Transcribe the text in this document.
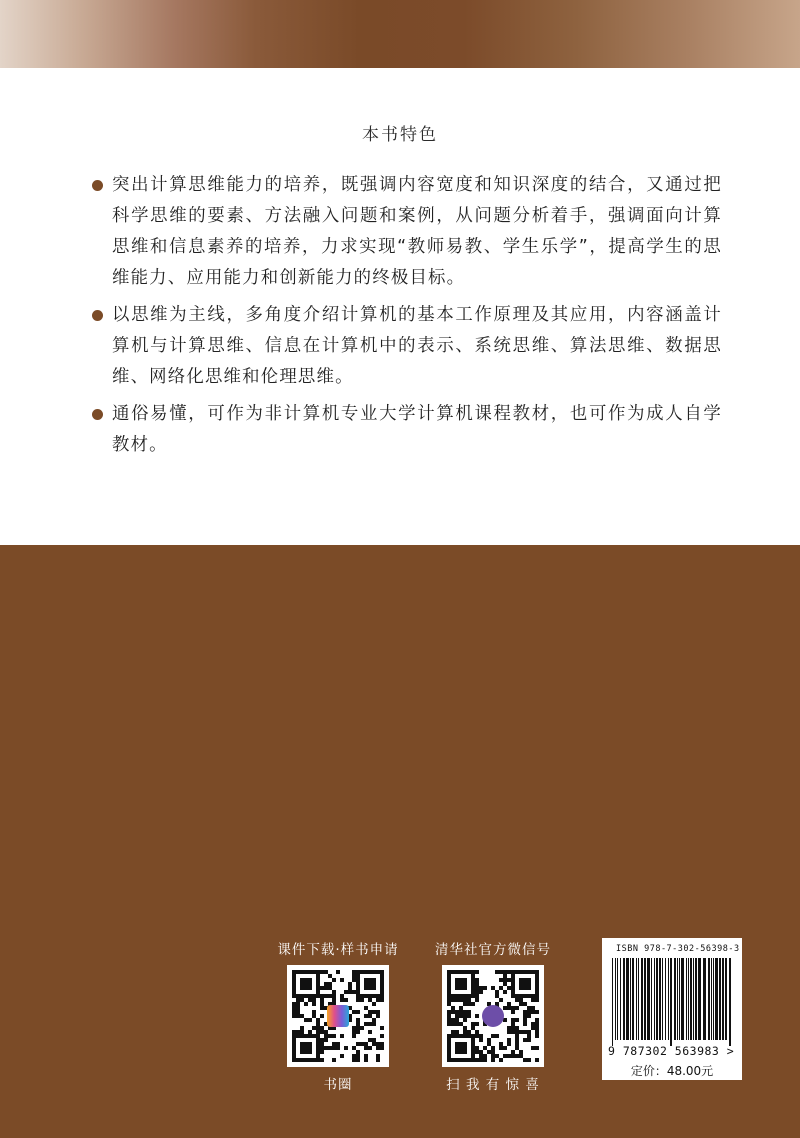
本书特色
突出计算思维能力的培养，既强调内容宽度和知识深度的结合，又通过把科学思维的要素、方法融入问题和案例，从问题分析着手，强调面向计算思维和信息素养的培养，力求实现“教师易教、学生乐学”，提高学生的思维能力、应用能力和创新能力的终极目标。
以思维为主线，多角度介绍计算机的基本工作原理及其应用，内容涵盖计算机与计算思维、信息在计算机中的表示、系统思维、算法思维、数据思维、网络化思维和伦理思维。
通俗易懂，可作为非计算机专业大学计算机课程教材，也可作为成人自学教材。
课件下载·样书申请
书圈
清华社官方微信号
扫 我 有 惊 喜
ISBN 978-7-302-56398-3
9 787302 563983 >
定价：48.00元
